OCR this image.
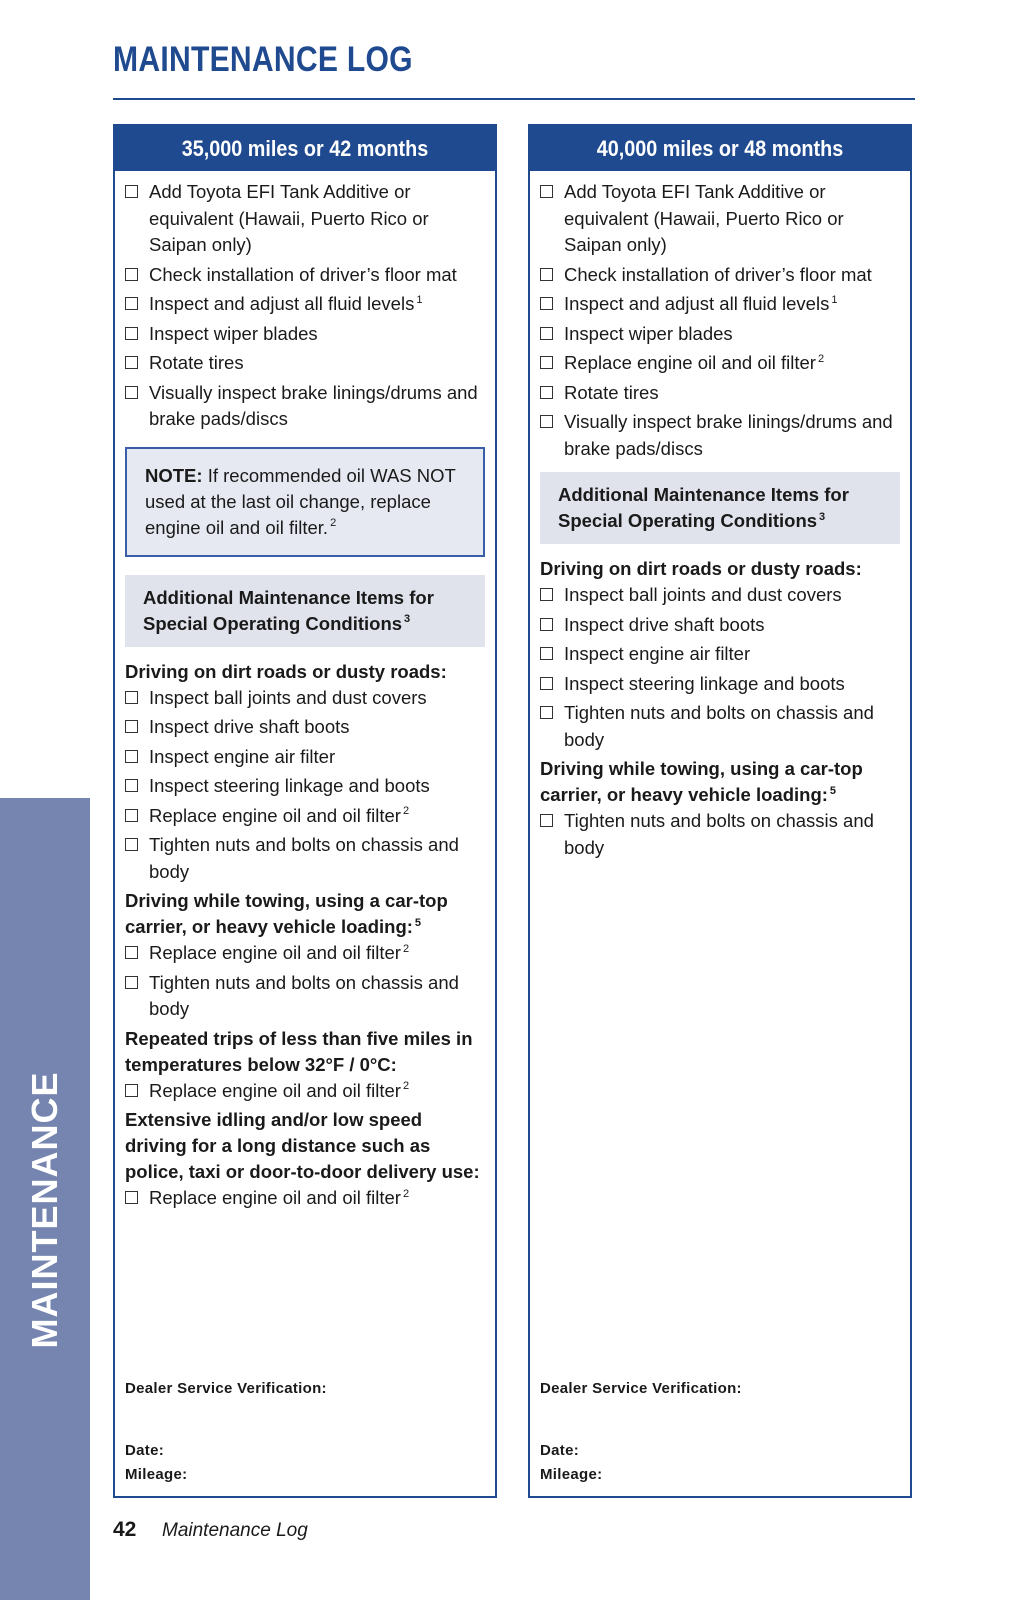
MAINTENANCE LOG
MAINTENANCE
35,000 miles or 42 months
Add Toyota EFI Tank Additive or equivalent (Hawaii, Puerto Rico or Saipan only)
Check installation of driver’s floor mat
Inspect and adjust all fluid levels $^1$
Inspect wiper blades
Rotate tires
Visually inspect brake linings/drums and brake pads/discs
NOTE: If recommended oil WAS NOT used at the last oil change, replace engine oil and oil filter. $^2$
Additional Maintenance Items for Special Operating Conditions $^3$
Driving on dirt roads or dusty roads:
Inspect ball joints and dust covers
Inspect drive shaft boots
Inspect engine air filter
Inspect steering linkage and boots
Replace engine oil and oil filter $^2$
Tighten nuts and bolts on chassis and body
Driving while towing, using a car-top carrier, or heavy vehicle loading: $^5$
Replace engine oil and oil filter $^2$
Tighten nuts and bolts on chassis and body
Repeated trips of less than five miles in temperatures below 32°F / 0°C:
Replace engine oil and oil filter $^2$
Extensive idling and/or low speed driving for a long distance such as police, taxi or door-to-door delivery use:
Replace engine oil and oil filter $^2$
Dealer Service Verification:
Date:
Mileage:
40,000 miles or 48 months
Add Toyota EFI Tank Additive or equivalent (Hawaii, Puerto Rico or Saipan only)
Check installation of driver’s floor mat
Inspect and adjust all fluid levels $^1$
Inspect wiper blades
Replace engine oil and oil filter $^2$
Rotate tires
Visually inspect brake linings/drums and brake pads/discs
Additional Maintenance Items for Special Operating Conditions $^3$
Driving on dirt roads or dusty roads:
Inspect ball joints and dust covers
Inspect drive shaft boots
Inspect engine air filter
Inspect steering linkage and boots
Tighten nuts and bolts on chassis and body
Driving while towing, using a car-top carrier, or heavy vehicle loading: $^5$
Tighten nuts and bolts on chassis and body
Dealer Service Verification:
Date:
Mileage:
42 Maintenance Log
